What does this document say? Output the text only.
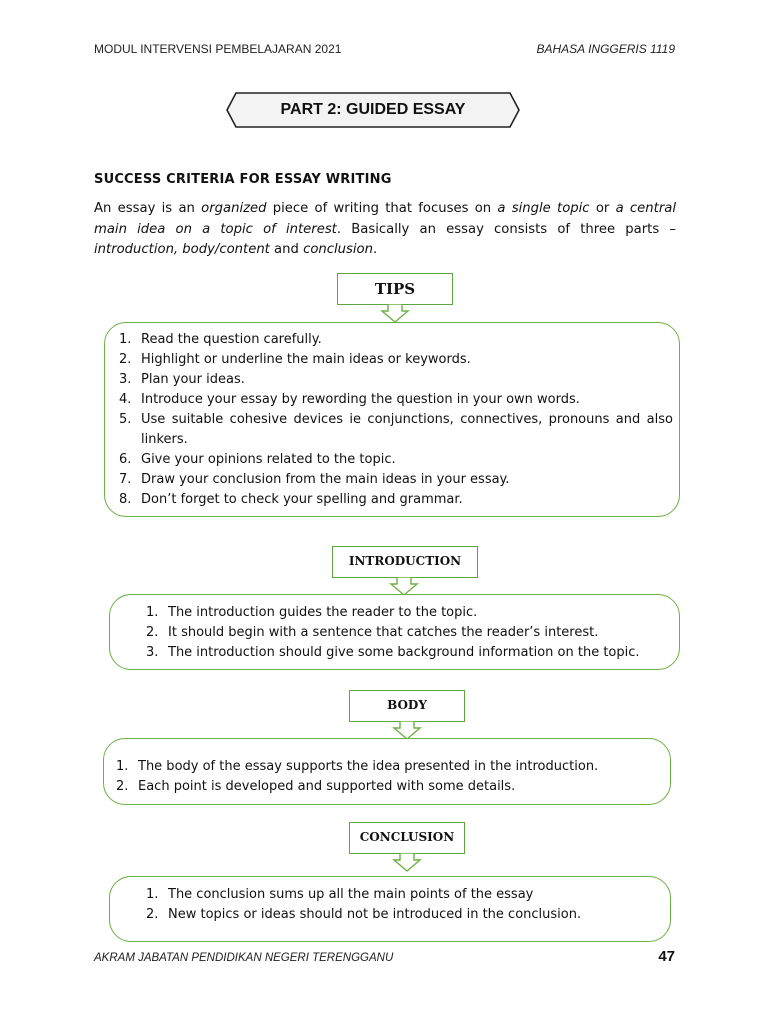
MODUL INTERVENSI PEMBELAJARAN 2021	BAHASA INGGERIS 1119
PART 2: GUIDED ESSAY
SUCCESS CRITERIA FOR ESSAY WRITING
An essay is an organized piece of writing that focuses on a single topic or a central main idea on a topic of interest. Basically an essay consists of three parts – introduction, body/content and conclusion.
TIPS
1. Read the question carefully.
2. Highlight or underline the main ideas or keywords.
3. Plan your ideas.
4. Introduce your essay by rewording the question in your own words.
5. Use suitable cohesive devices ie conjunctions, connectives, pronouns and also linkers.
6. Give your opinions related to the topic.
7. Draw your conclusion from the main ideas in your essay.
8. Don’t forget to check your spelling and grammar.
INTRODUCTION
1. The introduction guides the reader to the topic.
2. It should begin with a sentence that catches the reader’s interest.
3. The introduction should give some background information on the topic.
BODY
1. The body of the essay supports the idea presented in the introduction.
2. Each point is developed and supported with some details.
CONCLUSION
1. The conclusion sums up all the main points of the essay
2. New topics or ideas should not be introduced in the conclusion.
AKRAM JABATAN PENDIDIKAN NEGERI TERENGGANU	47
